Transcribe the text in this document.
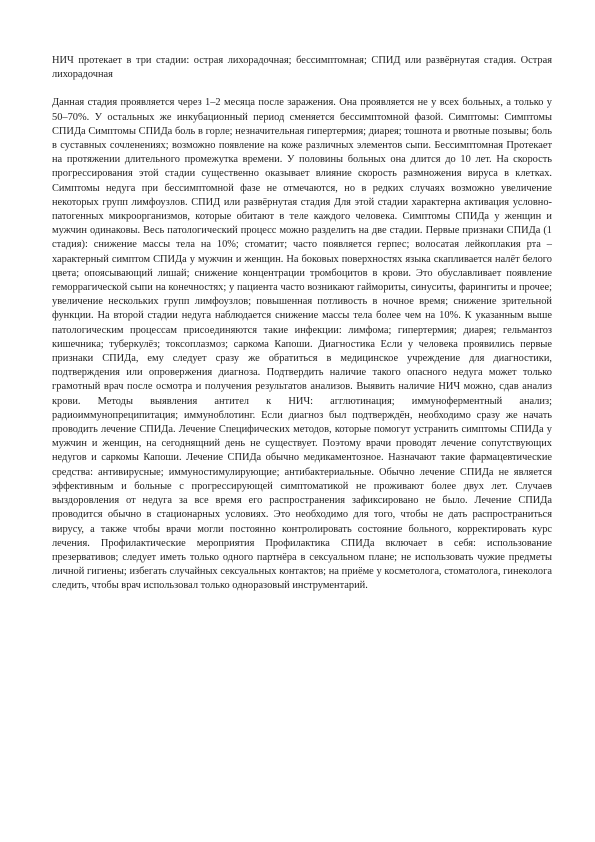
НИЧ протекает в три стадии: острая лихорадочная; бессимптомная; СПИД или развёрнутая стадия. Острая лихорадочная

Данная стадия проявляется через 1–2 месяца после заражения. Она проявляется не у всех больных, а только у 50–70%. У остальных же инкубационный период сменяется бессимптомной фазой. Симптомы: Симптомы СПИДа Симптомы СПИДа боль в горле; незначительная гипертермия; диарея; тошнота и рвотные позывы; боль в суставных сочленениях; возможно появление на коже различных элементов сыпи. Бессимптомная Протекает на протяжении длительного промежутка времени. У половины больных она длится до 10 лет. На скорость прогрессирования этой стадии существенно оказывает влияние скорость размножения вируса в клетках. Симптомы недуга при бессимптомной фазе не отмечаются, но в редких случаях возможно увеличение некоторых групп лимфоузлов. СПИД или развёрнутая стадия Для этой стадии характерна активация условно-патогенных микроорганизмов, которые обитают в теле каждого человека. Симптомы СПИДа у женщин и мужчин одинаковы. Весь патологический процесс можно разделить на две стадии. Первые признаки СПИДа (1 стадия): снижение массы тела на 10%; стоматит; часто появляется герпес; волосатая лейкоплакия рта – характерный симптом СПИДа у мужчин и женщин. На боковых поверхностях языка скапливается налёт белого цвета; опоясывающий лишай; снижение концентрации тромбоцитов в крови. Это обуславливает появление геморрагической сыпи на конечностях; у пациента часто возникают гаймориты, синуситы, фарингиты и прочее; увеличение нескольких групп лимфоузлов; повышенная потливость в ночное время; снижение зрительной функции. На второй стадии недуга наблюдается снижение массы тела более чем на 10%. К указанным выше патологическим процессам присоединяются такие инфекции: лимфома; гипертермия; диарея; гельмантоз кишечника; туберкулёз; токсоплазмоз; саркома Капоши. Диагностика Если у человека проявились первые признаки СПИДа, ему следует сразу же обратиться в медицинское учреждение для диагностики, подтверждения или опровержения диагноза. Подтвердить наличие такого опасного недуга может только грамотный врач после осмотра и получения результатов анализов. Выявить наличие НИЧ можно, сдав анализ крови. Методы выявления антител к НИЧ: агглютинация; иммуноферментный анализ; радиоиммунопреципитация; иммуноблотинг. Если диагноз был подтверждён, необходимо сразу же начать проводить лечение СПИДа. Лечение Специфических методов, которые помогут устранить симптомы СПИДа у мужчин и женщин, на сегоднящний день не существует. Поэтому врачи проводят лечение сопутствующих недугов и саркомы Капоши. Лечение СПИДа обычно медикаментозное. Назначают такие фармацевтические средства: антивирусные; иммуностимулирующие; антибактериальные. Обычно лечение СПИДа не является эффективным и больные с прогрессирующей симптоматикой не проживают более двух лет. Случаев выздоровления от недуга за все время его распространения зафиксировано не было. Лечение СПИДа проводится обычно в стационарных условиях. Это необходимо для того, чтобы не дать распространиться вирусу, а также чтобы врачи могли постоянно контролировать состояние больного, корректировать курс лечения. Профилактические мероприятия Профилактика СПИДа включает в себя: использование презервативов; следует иметь только одного партнёра в сексуальном плане; не использовать чужие предметы личной гигиены; избегать случайных сексуальных контактов; на приёме у косметолога, стоматолога, гинеколога следить, чтобы врач использовал только одноразовый инструментарий.
